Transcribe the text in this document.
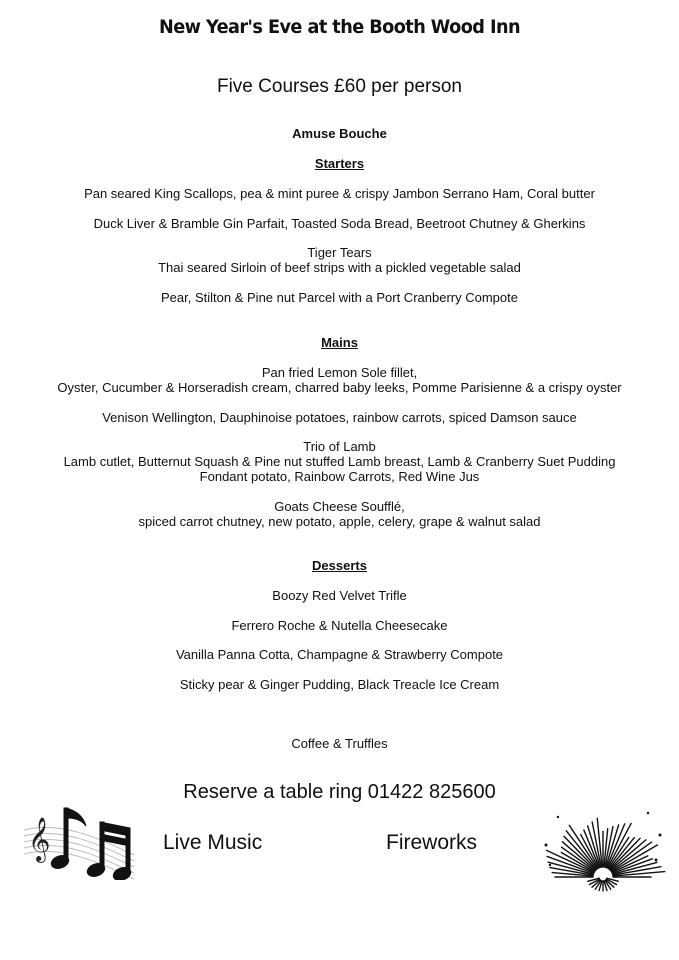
New Year's Eve at the Booth Wood Inn
Five Courses £60 per person
Amuse Bouche
Starters
Pan seared King Scallops, pea & mint puree & crispy Jambon Serrano Ham, Coral butter
Duck Liver & Bramble Gin Parfait, Toasted Soda Bread, Beetroot Chutney & Gherkins
Tiger Tears
Thai seared Sirloin of beef strips with a pickled vegetable salad
Pear, Stilton & Pine nut Parcel with a Port Cranberry Compote
Mains
Pan fried Lemon Sole fillet,
Oyster, Cucumber & Horseradish cream, charred baby leeks, Pomme Parisienne & a crispy oyster
Venison Wellington, Dauphinoise potatoes, rainbow carrots, spiced Damson sauce
Trio of Lamb
Lamb cutlet, Butternut Squash & Pine nut stuffed Lamb breast, Lamb & Cranberry Suet Pudding
Fondant potato, Rainbow Carrots, Red Wine Jus
Goats Cheese Soufflé,
spiced carrot chutney, new potato, apple, celery, grape & walnut salad
Desserts
Boozy Red Velvet Trifle
Ferrero Roche & Nutella Cheesecake
Vanilla Panna Cotta, Champagne & Strawberry Compote
Sticky pear & Ginger Pudding, Black Treacle Ice Cream
Coffee & Truffles
Reserve a table ring 01422 825600
𝄞	Live Music	Fireworks
